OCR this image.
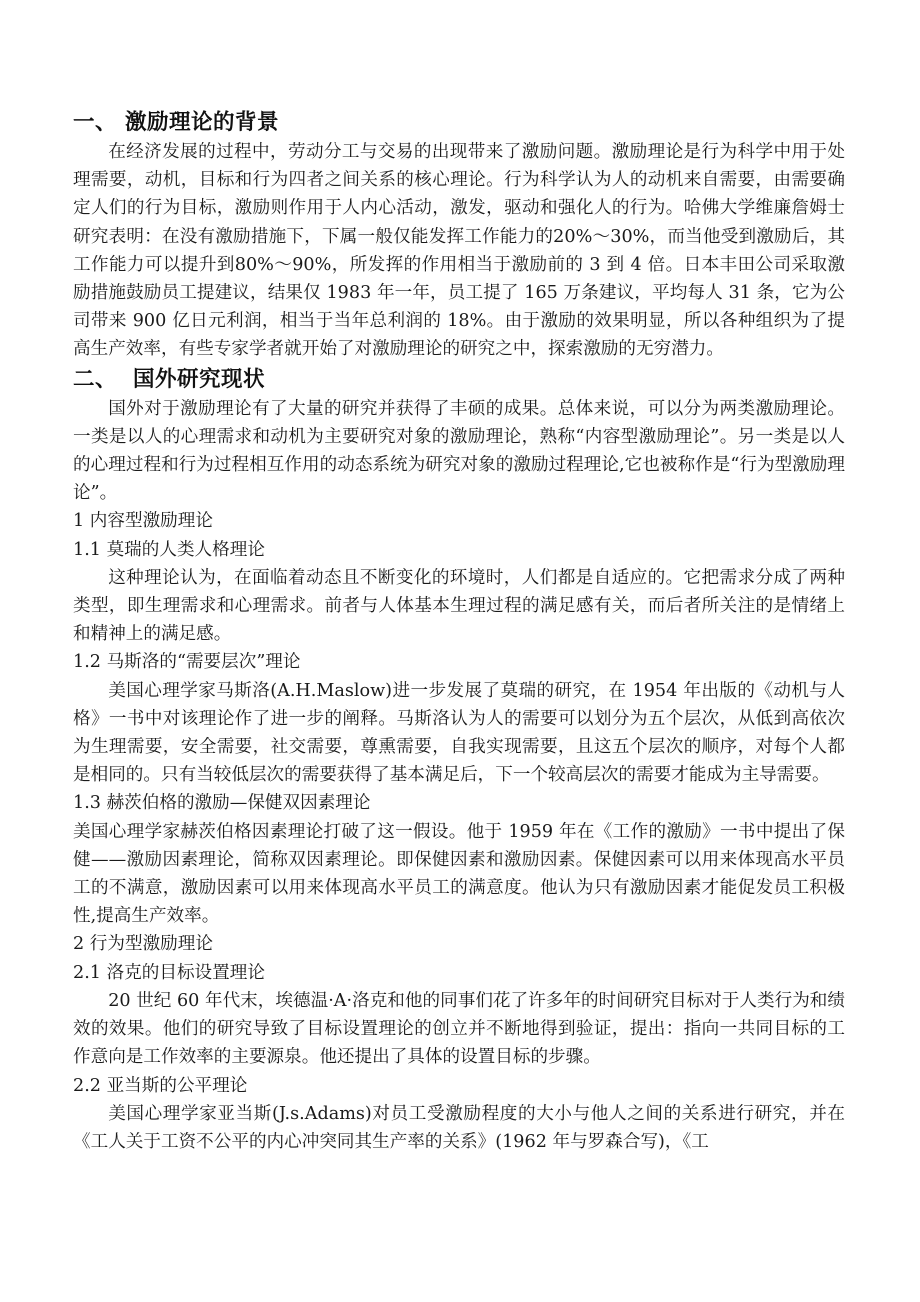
一、 激励理论的背景

在经济发展的过程中，劳动分工与交易的出现带来了激励问题。激励理论是行为科学中用于处理需要，动机，目标和行为四者之间关系的核心理论。行为科学认为人的动机来自需要，由需要确定人们的行为目标，激励则作用于人内心活动，激发，驱动和强化人的行为。哈佛大学维廉詹姆士研究表明：在没有激励措施下，下属一般仅能发挥工作能力的20%～30%，而当他受到激励后，其工作能力可以提升到80%～90%，所发挥的作用相当于激励前的 3 到 4 倍。日本丰田公司采取激励措施鼓励员工提建议，结果仅 1983 年一年，员工提了 165 万条建议，平均每人 31 条，它为公司带来 900 亿日元利润，相当于当年总利润的 18%。由于激励的效果明显，所以各种组织为了提高生产效率，有些专家学者就开始了对激励理论的研究之中，探索激励的无穷潜力。

二、  国外研究现状

国外对于激励理论有了大量的研究并获得了丰硕的成果。总体来说，可以分为两类激励理论。一类是以人的心理需求和动机为主要研究对象的激励理论，熟称“内容型激励理论”。另一类是以人的心理过程和行为过程相互作用的动态系统为研究对象的激励过程理论,它也被称作是“行为型激励理论”。

1 内容型激励理论
1.1 莫瑞的人类人格理论

这种理论认为，在面临着动态且不断变化的环境时，人们都是自适应的。它把需求分成了两种类型，即生理需求和心理需求。前者与人体基本生理过程的满足感有关，而后者所关注的是情绪上和精神上的满足感。

1.2 马斯洛的“需要层次”理论

美国心理学家马斯洛(A.H.Maslow)进一步发展了莫瑞的研究，在 1954 年出版的《动机与人格》一书中对该理论作了进一步的阐释。马斯洛认为人的需要可以划分为五个层次，从低到高依次为生理需要，安全需要，社交需要，尊熏需要，自我实现需要，且这五个层次的顺序，对每个人都是相同的。只有当较低层次的需要获得了基本满足后，下一个较高层次的需要才能成为主导需要。

1.3 赫茨伯格的激励—保健双因素理论

美国心理学家赫茨伯格因素理论打破了这一假设。他于 1959 年在《工作的激励》一书中提出了保健——激励因素理论，简称双因素理论。即保健因素和激励因素。保健因素可以用来体现高水平员工的不满意，激励因素可以用来体现高水平员工的满意度。他认为只有激励因素才能促发员工积极性,提高生产效率。

2 行为型激励理论
2.1 洛克的目标设置理论

20 世纪 60 年代末，埃德温·A·洛克和他的同事们花了许多年的时间研究目标对于人类行为和绩效的效果。他们的研究导致了目标设置理论的创立并不断地得到验证，提出：指向一共同目标的工作意向是工作效率的主要源泉。他还提出了具体的设置目标的步骤。

2.2 亚当斯的公平理论

美国心理学家亚当斯(J.s.Adams)对员工受激励程度的大小与他人之间的关系进行研究，并在《工人关于工资不公平的内心冲突同其生产率的关系》(1962 年与罗森合写)，《工
